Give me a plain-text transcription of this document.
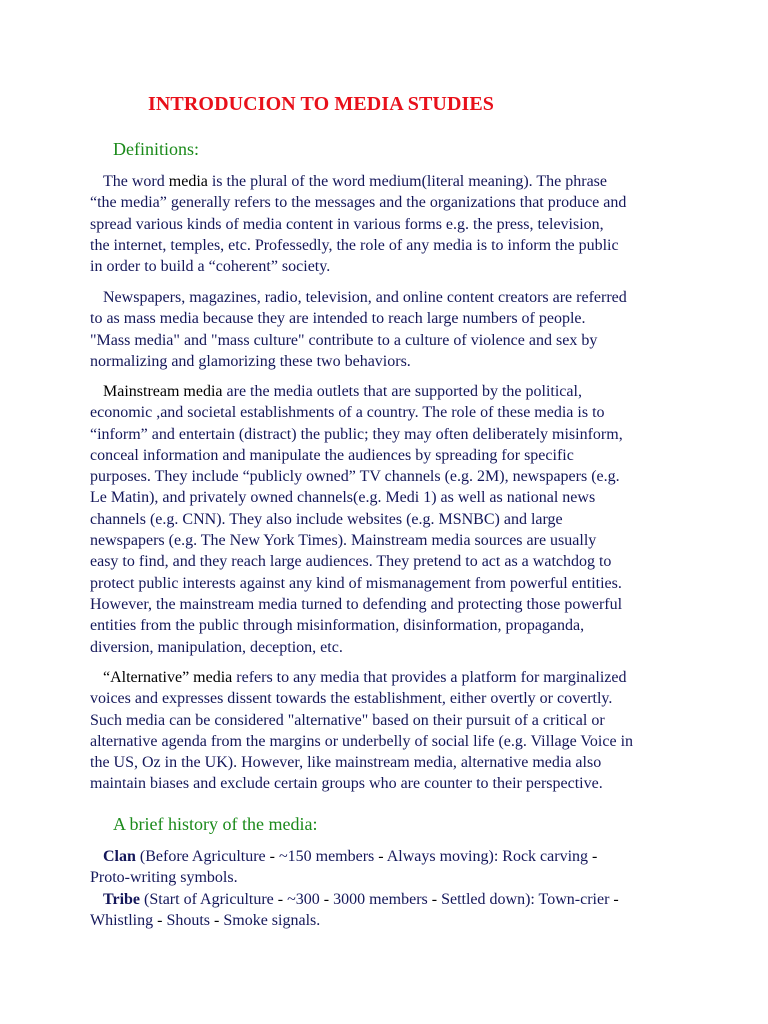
INTRODUCION TO MEDIA STUDIES
Definitions:
The word media is the plural of the word medium(literal meaning). The phrase
“the media” generally refers to the messages and the organizations that produce and
spread various kinds of media content in various forms e.g. the press, television,
the internet, temples, etc. Professedly, the role of any media is to inform the public
in order to build a “coherent” society.
Newspapers, magazines, radio, television, and online content creators are referred
to as mass media because they are intended to reach large numbers of people.
"Mass media" and "mass culture" contribute to a culture of violence and sex by
normalizing and glamorizing these two behaviors.
Mainstream media are the media outlets that are supported by the political,
economic ,and societal establishments of a country. The role of these media is to
“inform” and entertain (distract) the public; they may often deliberately misinform,
conceal information and manipulate the audiences by spreading for specific
purposes. They include “publicly owned” TV channels (e.g. 2M), newspapers (e.g.
Le Matin), and privately owned channels(e.g. Medi 1) as well as national news
channels (e.g. CNN). They also include websites (e.g. MSNBC) and large
newspapers (e.g. The New York Times). Mainstream media sources are usually
easy to find, and they reach large audiences. They pretend to act as a watchdog to
protect public interests against any kind of mismanagement from powerful entities.
However, the mainstream media turned to defending and protecting those powerful
entities from the public through misinformation, disinformation, propaganda,
diversion, manipulation, deception, etc.
“Alternative” media refers to any media that provides a platform for marginalized
voices and expresses dissent towards the establishment, either overtly or covertly.
Such media can be considered "alternative" based on their pursuit of a critical or
alternative agenda from the margins or underbelly of social life (e.g. Village Voice in
the US, Oz in the UK). However, like mainstream media, alternative media also
maintain biases and exclude certain groups who are counter to their perspective.
A brief history of the media:
Clan (Before Agriculture - ~150 members - Always moving): Rock carving -
Proto-writing symbols.
Tribe (Start of Agriculture - ~300 - 3000 members - Settled down): Town-crier -
Whistling - Shouts - Smoke signals.
